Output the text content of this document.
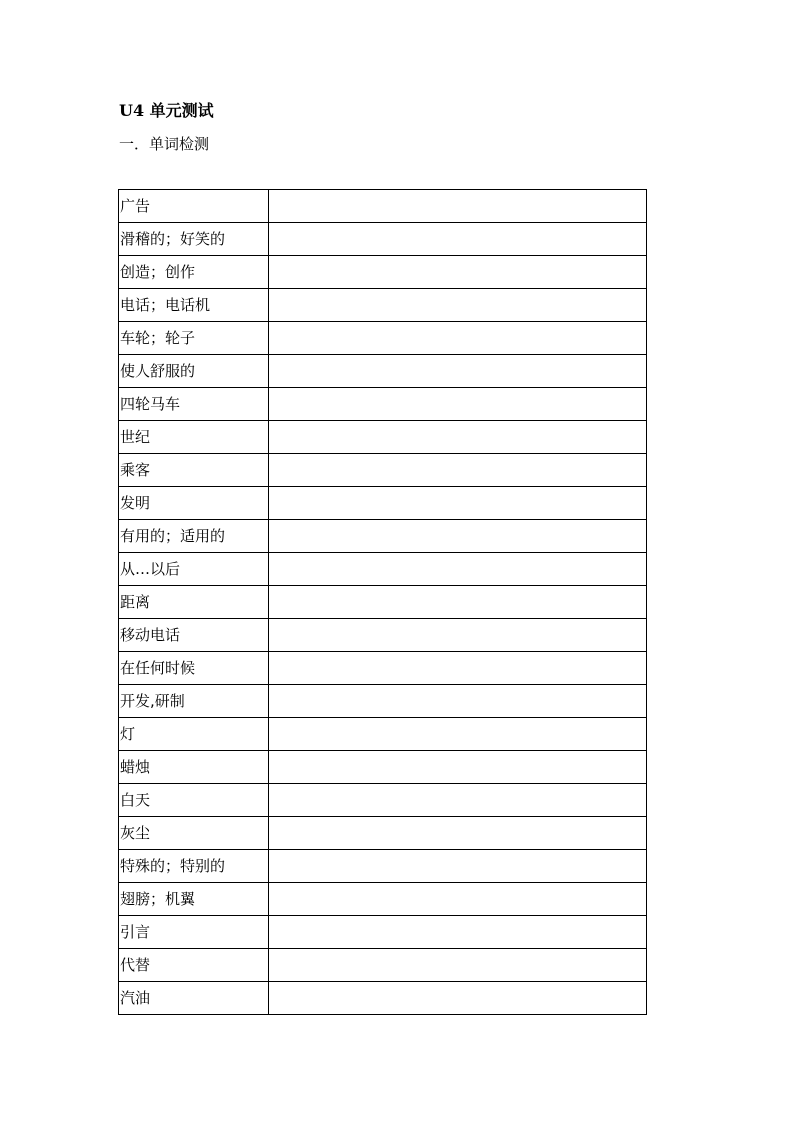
U4 单元测试
一．单词检测
广告	
滑稽的；好笑的	
创造；创作	
电话；电话机	
车轮；轮子	
使人舒服的	
四轮马车	
世纪	
乘客	
发明	
有用的；适用的	
从…以后	
距离	
移动电话	
在任何时候	
开发,研制	
灯	
蜡烛	
白天	
灰尘	
特殊的；特别的	
翅膀；机翼	
引言	
代替	
汽油	
